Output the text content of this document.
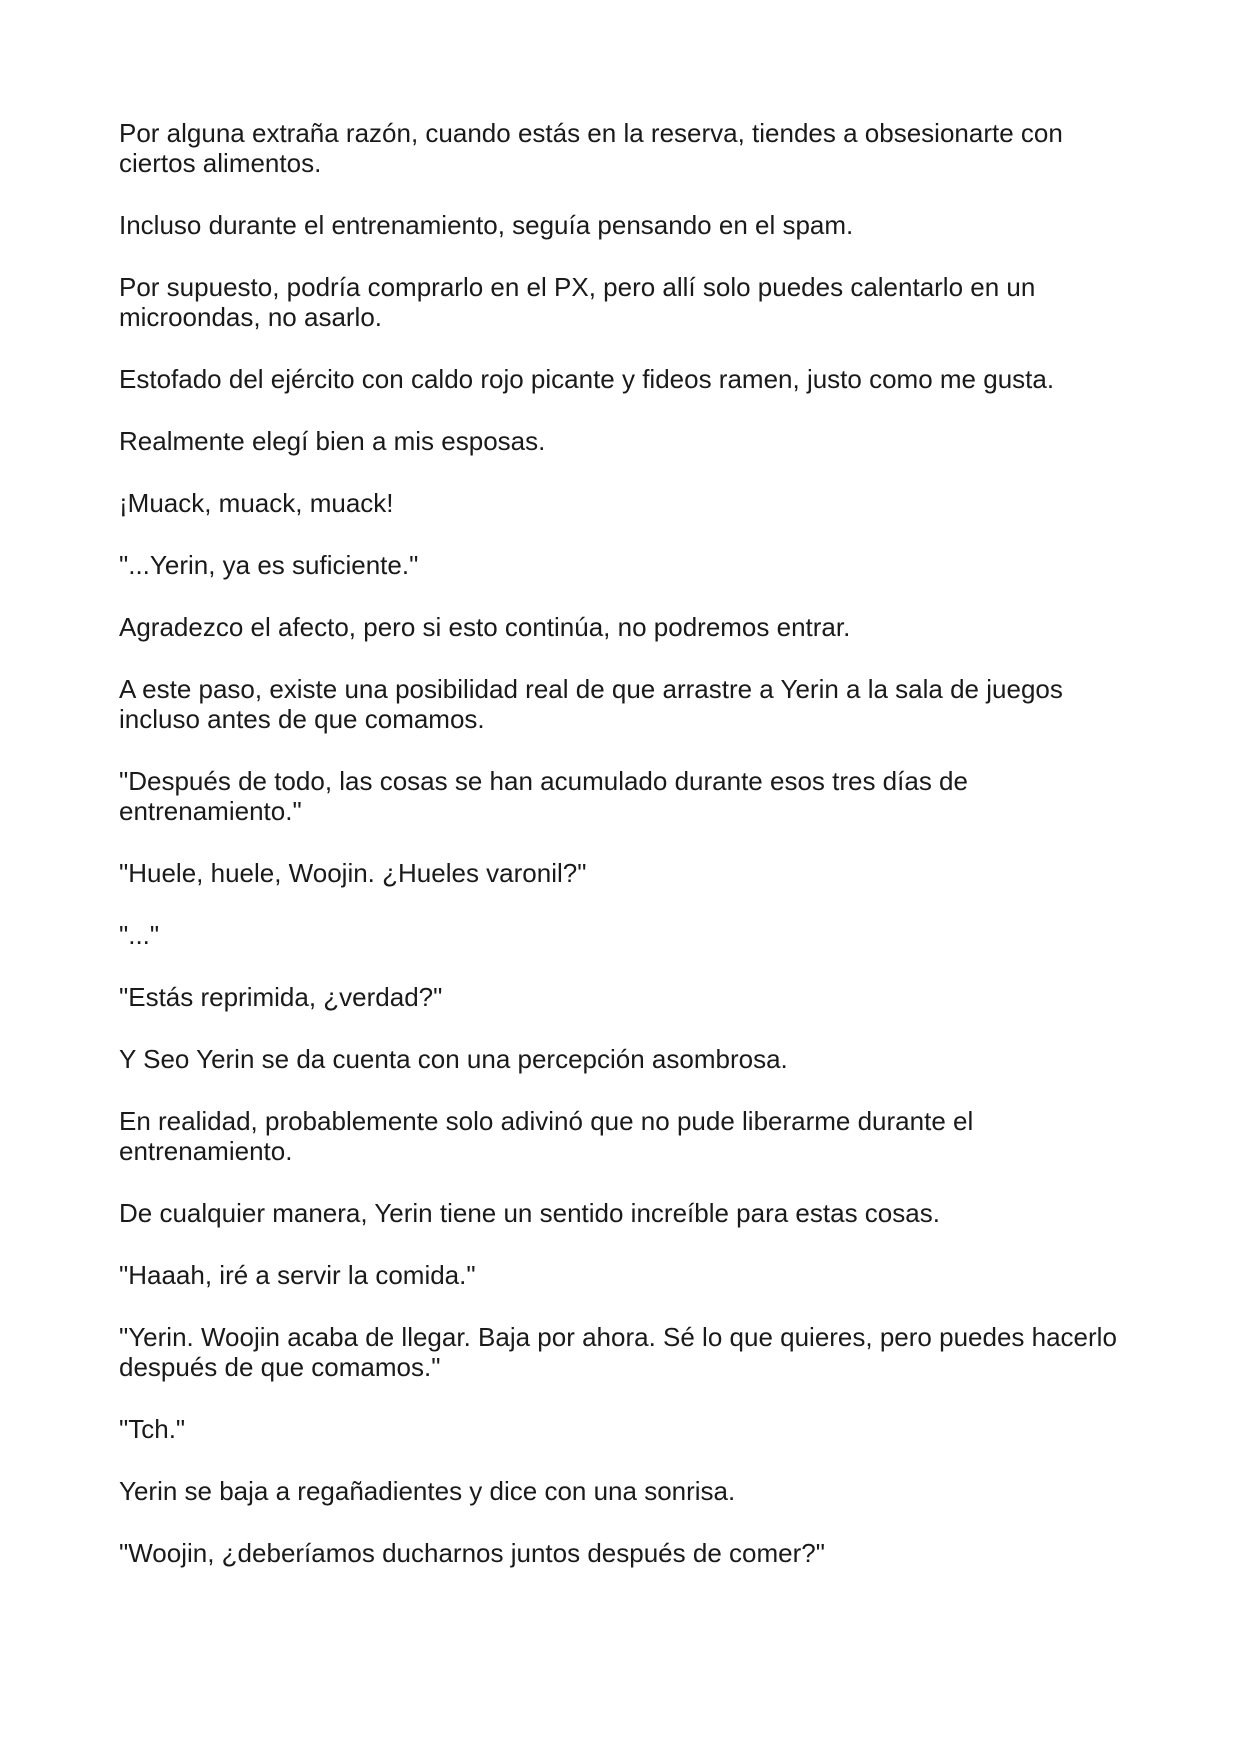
Por alguna extraña razón, cuando estás en la reserva, tiendes a obsesionarte con ciertos alimentos.

Incluso durante el entrenamiento, seguía pensando en el spam.

Por supuesto, podría comprarlo en el PX, pero allí solo puedes calentarlo en un microondas, no asarlo.

Estofado del ejército con caldo rojo picante y fideos ramen, justo como me gusta.

Realmente elegí bien a mis esposas.

¡Muack, muack, muack!

"...Yerin, ya es suficiente."

Agradezco el afecto, pero si esto continúa, no podremos entrar.

A este paso, existe una posibilidad real de que arrastre a Yerin a la sala de juegos incluso antes de que comamos.

"Después de todo, las cosas se han acumulado durante esos tres días de entrenamiento."

"Huele, huele, Woojin. ¿Hueles varonil?"

"..."

"Estás reprimida, ¿verdad?"

Y Seo Yerin se da cuenta con una percepción asombrosa.

En realidad, probablemente solo adivinó que no pude liberarme durante el entrenamiento.

De cualquier manera, Yerin tiene un sentido increíble para estas cosas.

"Haaah, iré a servir la comida."

"Yerin. Woojin acaba de llegar. Baja por ahora. Sé lo que quieres, pero puedes hacerlo después de que comamos."

"Tch."

Yerin se baja a regañadientes y dice con una sonrisa.

"Woojin, ¿deberíamos ducharnos juntos después de comer?"
